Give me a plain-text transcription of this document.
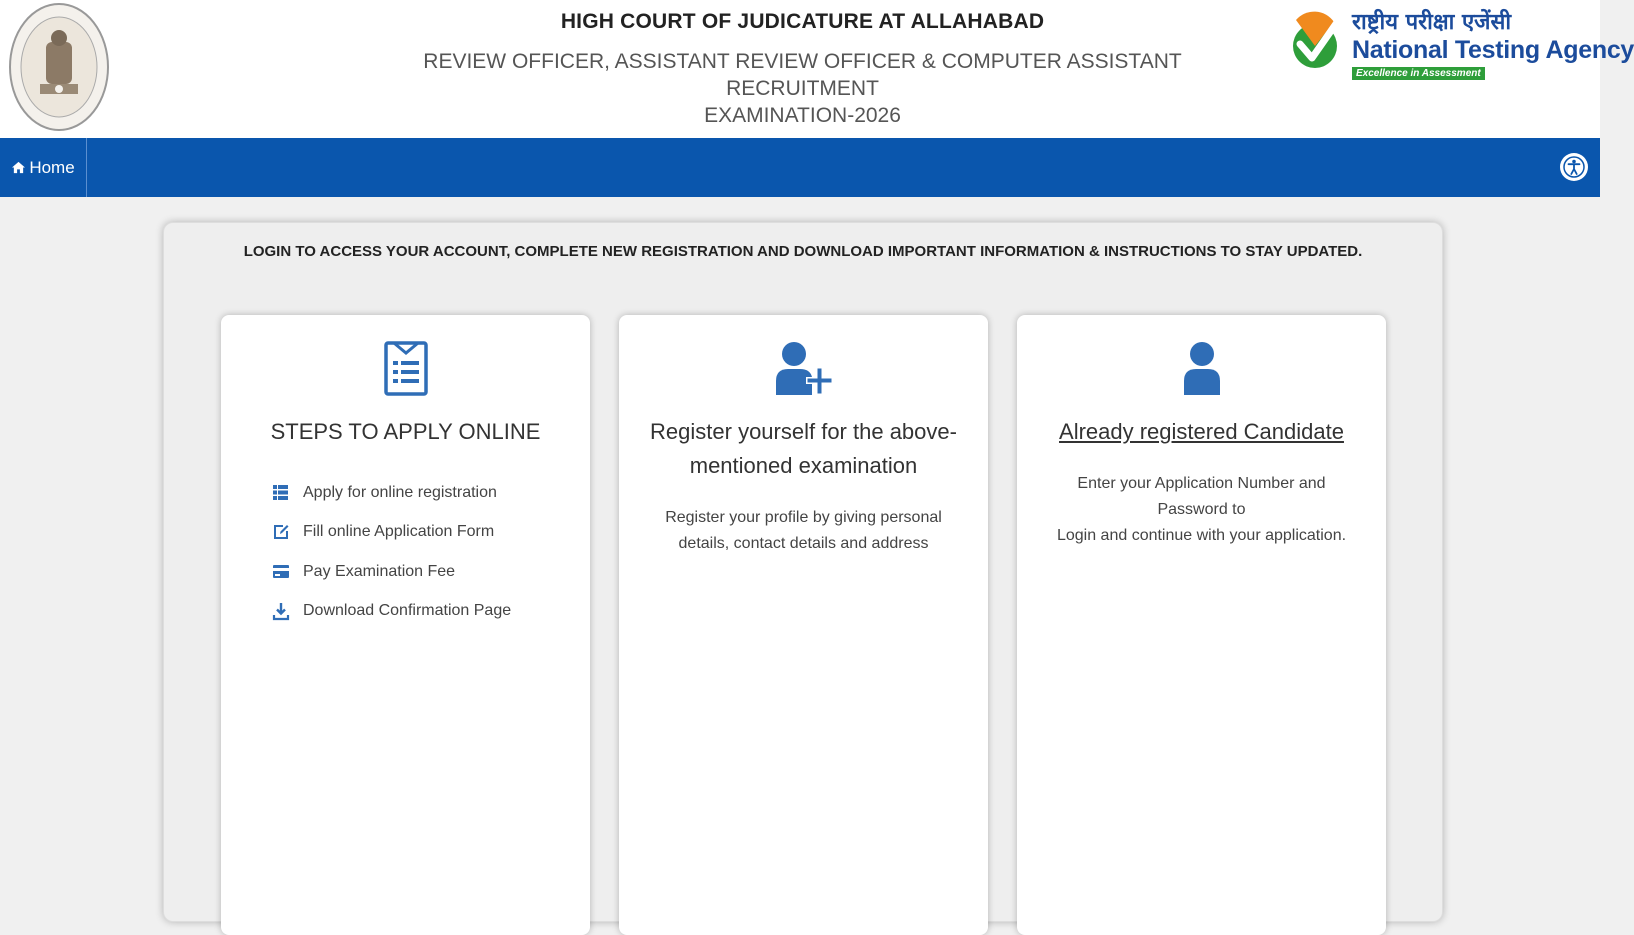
HIGH COURT OF JUDICATURE AT ALLAHABAD
REVIEW OFFICER, ASSISTANT REVIEW OFFICER & COMPUTER ASSISTANT RECRUITMENT
EXAMINATION-2026
राष्ट्रीय परीक्षा एजेंसी
National Testing Agency
Excellence in Assessment
Home
LOGIN TO ACCESS YOUR ACCOUNT, COMPLETE NEW REGISTRATION AND DOWNLOAD IMPORTANT INFORMATION & INSTRUCTIONS TO STAY UPDATED.
STEPS TO APPLY ONLINE
Apply for online registration
Fill online Application Form
Pay Examination Fee
Download Confirmation Page
Register yourself for the above-
mentioned examination
Register your profile by giving personal
details, contact details and address
Already registered Candidate
Enter your Application Number and Password to
Login and continue with your application.
